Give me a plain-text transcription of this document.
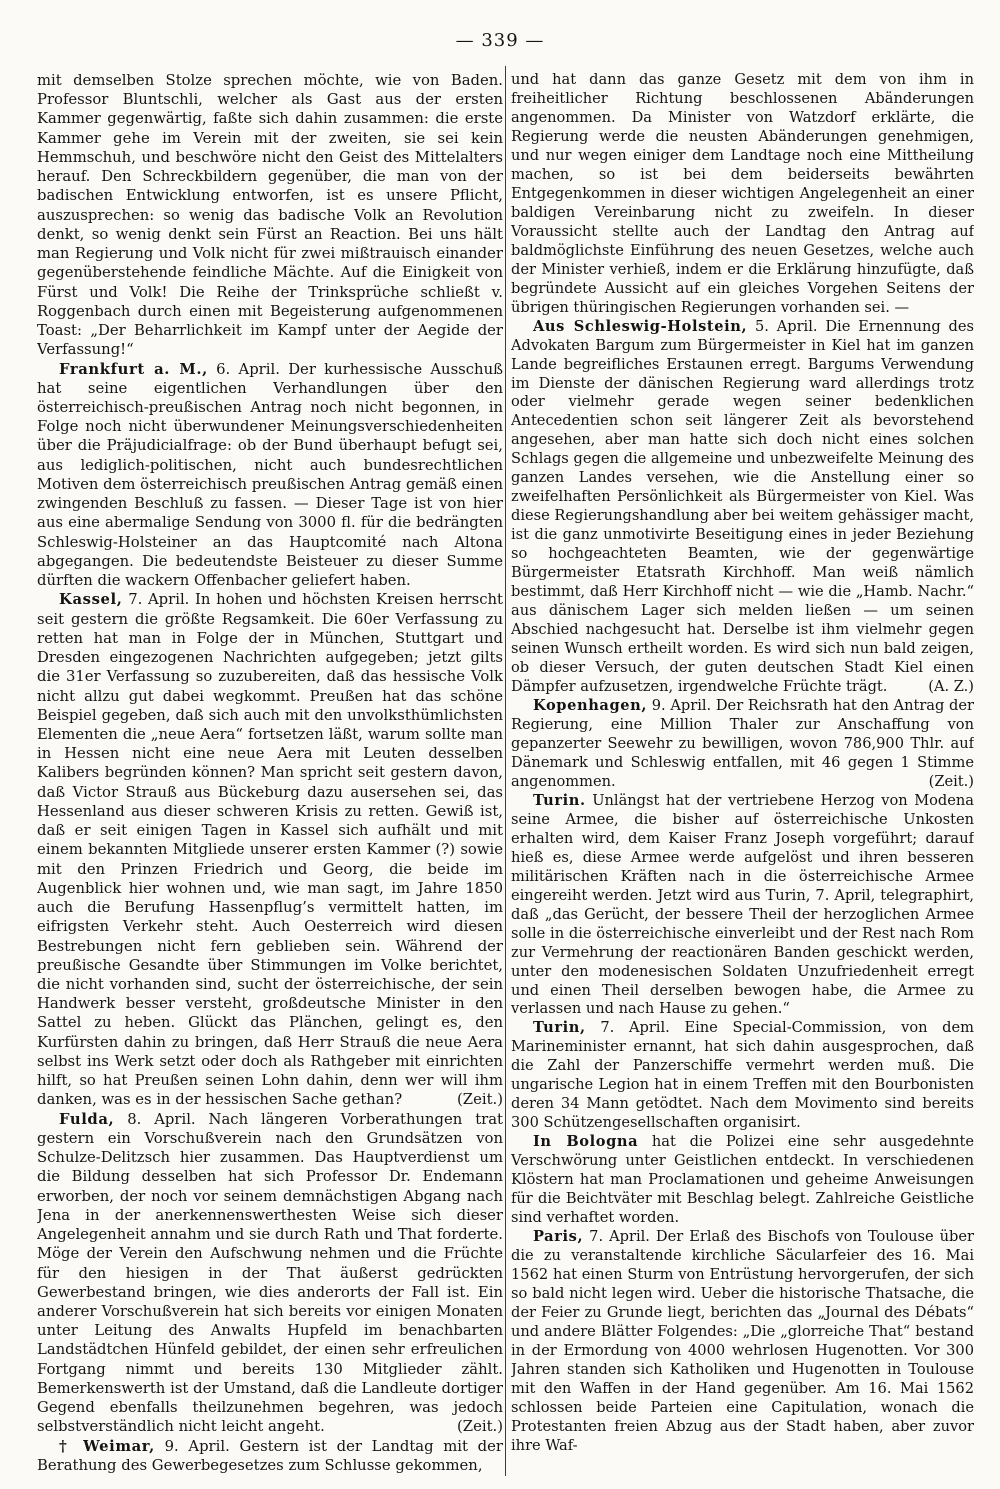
— 339 —

mit demselben Stolze sprechen möchte, wie von Baden. Professor Bluntschli, welcher als Gast aus der ersten Kammer gegenwärtig, faßte sich dahin zusammen: die erste Kammer gehe im Verein mit der zweiten, sie sei kein Hemmschuh, und beschwöre nicht den Geist des Mittelalters herauf. Den Schreckbildern gegenüber, die man von der badischen Entwicklung entworfen, ist es unsere Pflicht, auszusprechen: so wenig das badische Volk an Revolution denkt, so wenig denkt sein Fürst an Reaction. Bei uns hält man Regierung und Volk nicht für zwei mißtrauisch einander gegenüberstehende feindliche Mächte. Auf die Einigkeit von Fürst und Volk! Die Reihe der Trinksprüche schließt v. Roggenbach durch einen mit Begeisterung aufgenommenen Toast: „Der Beharrlichkeit im Kampf unter der Aegide der Verfassung!“

Frankfurt a. M., 6. April. Der kurhessische Ausschuß hat seine eigentlichen Verhandlungen über den österreichisch-preußischen Antrag noch nicht begonnen, in Folge noch nicht überwundener Meinungsverschiedenheiten über die Präjudicialfrage: ob der Bund überhaupt befugt sei, aus lediglich-politischen, nicht auch bundesrechtlichen Motiven dem österreichisch preußischen Antrag gemäß einen zwingenden Beschluß zu fassen. — Dieser Tage ist von hier aus eine abermalige Sendung von 3000 fl. für die bedrängten Schleswig-Holsteiner an das Hauptcomité nach Altona abgegangen. Die bedeutendste Beisteuer zu dieser Summe dürften die wackern Offenbacher geliefert haben.

Kassel, 7. April. In hohen und höchsten Kreisen herrscht seit gestern die größte Regsamkeit. Die 60er Verfassung zu retten hat man in Folge der in München, Stuttgart und Dresden eingezogenen Nachrichten aufgegeben; jetzt gilts die 31er Verfassung so zuzubereiten, daß das hessische Volk nicht allzu gut dabei wegkommt. Preußen hat das schöne Beispiel gegeben, daß sich auch mit den unvolksthümlichsten Elementen die „neue Aera“ fortsetzen läßt, warum sollte man in Hessen nicht eine neue Aera mit Leuten desselben Kalibers begründen können? Man spricht seit gestern davon, daß Victor Strauß aus Bückeburg dazu ausersehen sei, das Hessenland aus dieser schweren Krisis zu retten. Gewiß ist, daß er seit einigen Tagen in Kassel sich aufhält und mit einem bekannten Mitgliede unserer ersten Kammer (?) sowie mit den Prinzen Friedrich und Georg, die beide im Augenblick hier wohnen und, wie man sagt, im Jahre 1850 auch die Berufung Hassenpflug’s vermittelt hatten, im eifrigsten Verkehr steht. Auch Oesterreich wird diesen Bestrebungen nicht fern geblieben sein. Während der preußische Gesandte über Stimmungen im Volke berichtet, die nicht vorhanden sind, sucht der österreichische, der sein Handwerk besser versteht, großdeutsche Minister in den Sattel zu heben. Glückt das Plänchen, gelingt es, den Kurfürsten dahin zu bringen, daß Herr Strauß die neue Aera selbst ins Werk setzt oder doch als Rathgeber mit einrichten hilft, so hat Preußen seinen Lohn dahin, denn wer will ihm danken, was es in der hessischen Sache gethan?	(Zeit.)

Fulda, 8. April. Nach längeren Vorberathungen trat gestern ein Vorschußverein nach den Grundsätzen von Schulze-Delitzsch hier zusammen. Das Hauptverdienst um die Bildung desselben hat sich Professor Dr. Endemann erworben, der noch vor seinem demnächstigen Abgang nach Jena in der anerkennenswerthesten Weise sich dieser Angelegenheit annahm und sie durch Rath und That forderte. Möge der Verein den Aufschwung nehmen und die Früchte für den hiesigen in der That äußerst gedrückten Gewerbestand bringen, wie dies anderorts der Fall ist. Ein anderer Vorschußverein hat sich bereits vor einigen Monaten unter Leitung des Anwalts Hupfeld im benachbarten Landstädtchen Hünfeld gebildet, der einen sehr erfreulichen Fortgang nimmt und bereits 130 Mitglieder zählt. Bemerkenswerth ist der Umstand, daß die Landleute dortiger Gegend ebenfalls theilzunehmen begehren, was jedoch selbstverständlich nicht leicht angeht.	(Zeit.)

† Weimar, 9. April. Gestern ist der Landtag mit der Berathung des Gewerbegesetzes zum Schlusse gekommen,

und hat dann das ganze Gesetz mit dem von ihm in freiheitlicher Richtung beschlossenen Abänderungen angenommen. Da Minister von Watzdorf erklärte, die Regierung werde die neusten Abänderungen genehmigen, und nur wegen einiger dem Landtage noch eine Mittheilung machen, so ist bei dem beiderseits bewährten Entgegenkommen in dieser wichtigen Angelegenheit an einer baldigen Vereinbarung nicht zu zweifeln. In dieser Voraussicht stellte auch der Landtag den Antrag auf baldmöglichste Einführung des neuen Gesetzes, welche auch der Minister verhieß, indem er die Erklärung hinzufügte, daß begründete Aussicht auf ein gleiches Vorgehen Seitens der übrigen thüringischen Regierungen vorhanden sei. —

Aus Schleswig-Holstein, 5. April. Die Ernennung des Advokaten Bargum zum Bürgermeister in Kiel hat im ganzen Lande begreifliches Erstaunen erregt. Bargums Verwendung im Dienste der dänischen Regierung ward allerdings trotz oder vielmehr gerade wegen seiner bedenklichen Antecedentien schon seit längerer Zeit als bevorstehend angesehen, aber man hatte sich doch nicht eines solchen Schlags gegen die allgemeine und unbezweifelte Meinung des ganzen Landes versehen, wie die Anstellung einer so zweifelhaften Persönlichkeit als Bürgermeister von Kiel. Was diese Regierungshandlung aber bei weitem gehässiger macht, ist die ganz unmotivirte Beseitigung eines in jeder Beziehung so hochgeachteten Beamten, wie der gegenwärtige Bürgermeister Etatsrath Kirchhoff. Man weiß nämlich bestimmt, daß Herr Kirchhoff nicht — wie die „Hamb. Nachr.“ aus dänischem Lager sich melden ließen — um seinen Abschied nachgesucht hat. Derselbe ist ihm vielmehr gegen seinen Wunsch ertheilt worden. Es wird sich nun bald zeigen, ob dieser Versuch, der guten deutschen Stadt Kiel einen Dämpfer aufzusetzen, irgendwelche Früchte trägt.	(A. Z.)

Kopenhagen, 9. April. Der Reichsrath hat den Antrag der Regierung, eine Million Thaler zur Anschaffung von gepanzerter Seewehr zu bewilligen, wovon 786,900 Thlr. auf Dänemark und Schleswig entfallen, mit 46 gegen 1 Stimme angenommen.	(Zeit.)

Turin. Unlängst hat der vertriebene Herzog von Modena seine Armee, die bisher auf österreichische Unkosten erhalten wird, dem Kaiser Franz Joseph vorgeführt; darauf hieß es, diese Armee werde aufgelöst und ihren besseren militärischen Kräften nach in die österreichische Armee eingereiht werden. Jetzt wird aus Turin, 7. April, telegraphirt, daß „das Gerücht, der bessere Theil der herzoglichen Armee solle in die österreichische einverleibt und der Rest nach Rom zur Vermehrung der reactionären Banden geschickt werden, unter den modenesischen Soldaten Unzufriedenheit erregt und einen Theil derselben bewogen habe, die Armee zu verlassen und nach Hause zu gehen.“

Turin, 7. April. Eine Special-Commission, von dem Marineminister ernannt, hat sich dahin ausgesprochen, daß die Zahl der Panzerschiffe vermehrt werden muß. Die ungarische Legion hat in einem Treffen mit den Bourbonisten deren 34 Mann getödtet. Nach dem Movimento sind bereits 300 Schützengesellschaften organisirt.

In Bologna hat die Polizei eine sehr ausgedehnte Verschwörung unter Geistlichen entdeckt. In verschiedenen Klöstern hat man Proclamationen und geheime Anweisungen für die Beichtväter mit Beschlag belegt. Zahlreiche Geistliche sind verhaftet worden.

Paris, 7. April. Der Erlaß des Bischofs von Toulouse über die zu veranstaltende kirchliche Säcularfeier des 16. Mai 1562 hat einen Sturm von Entrüstung hervorgerufen, der sich so bald nicht legen wird. Ueber die historische Thatsache, die der Feier zu Grunde liegt, berichten das „Journal des Débats“ und andere Blätter Folgendes: „Die „glorreiche That“ bestand in der Ermordung von 4000 wehrlosen Hugenotten. Vor 300 Jahren standen sich Katholiken und Hugenotten in Toulouse mit den Waffen in der Hand gegenüber. Am 16. Mai 1562 schlossen beide Parteien eine Capitulation, wonach die Protestanten freien Abzug aus der Stadt haben, aber zuvor ihre Waf-
